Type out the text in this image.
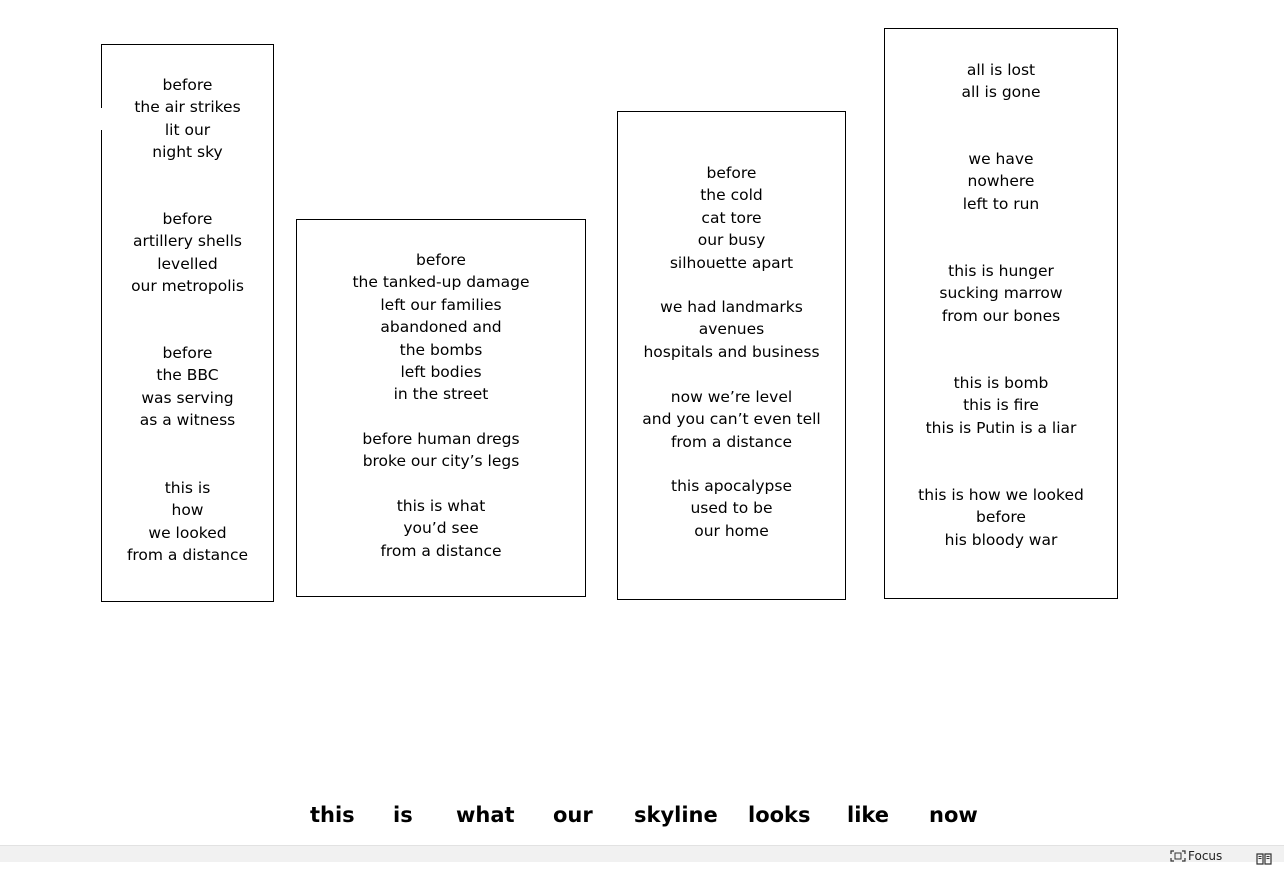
before
the air strikes
lit our
night sky
before
artillery shells
levelled
our metropolis
before
the BBC
was serving
as a witness
this is
how
we looked
from a distance
before
the tanked-up damage
left our families
abandoned and
the bombs
left bodies
in the street
before human dregs
broke our city’s legs
this is what
you’d see
from a distance
before
the cold
cat tore
our busy
silhouette apart
we had landmarks
avenues
hospitals and business
now we’re level
and you can’t even tell
from a distance
this apocalypse
used to be
our home
all is lost
all is gone
we have
nowhere
left to run
this is hunger
sucking marrow
from our bones
this is bomb
this is fire
this is Putin is a liar
this is how we looked
before
his bloody war
this is what our skyline looks like now
Focus
